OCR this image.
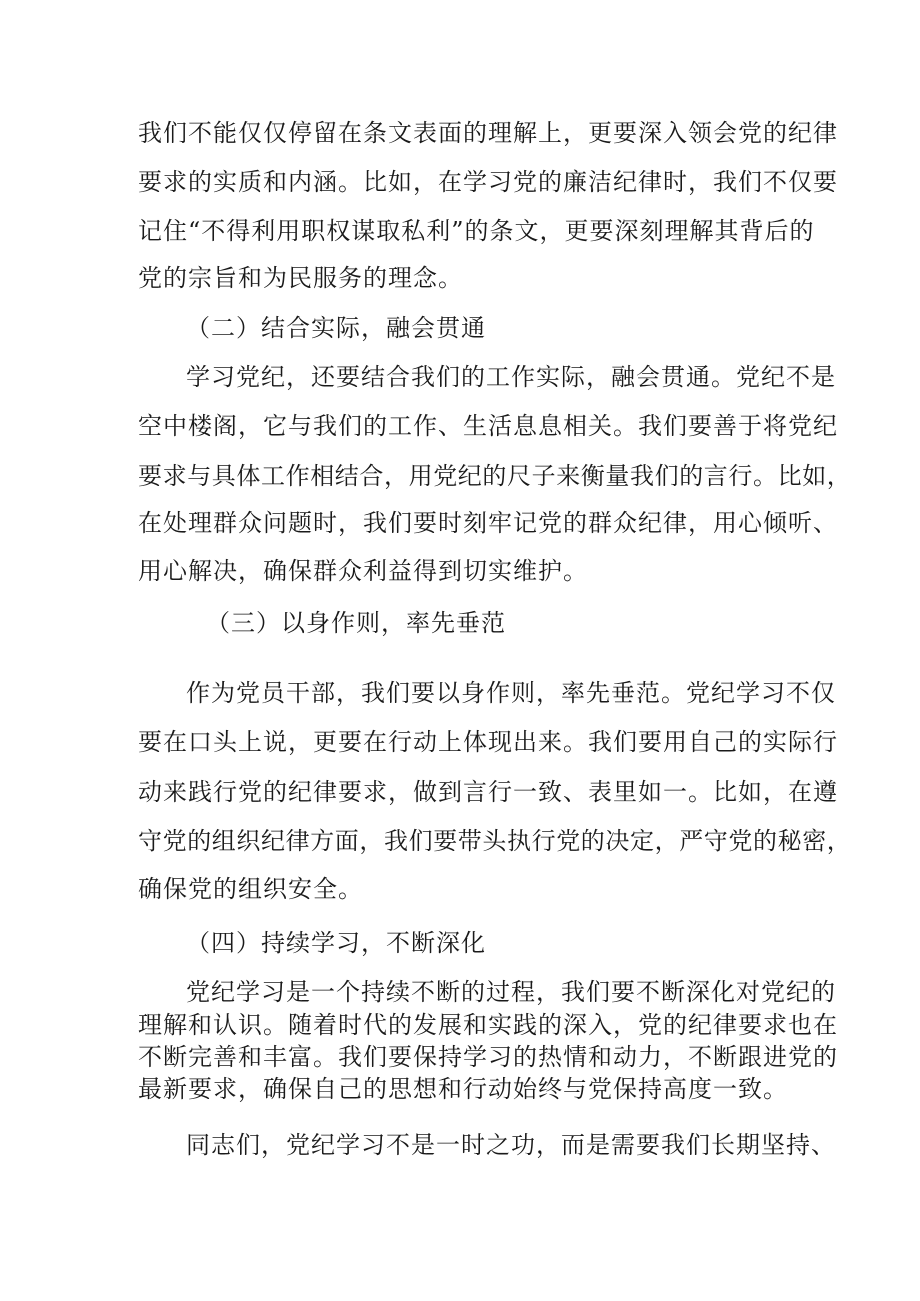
我们不能仅仅停留在条文表面的理解上，更要深入领会党的纪律
要求的实质和内涵。比如，在学习党的廉洁纪律时，我们不仅要
记住“不得利用职权谋取私利”的条文，更要深刻理解其背后的
党的宗旨和为民服务的理念。
（二）结合实际，融会贯通
学习党纪，还要结合我们的工作实际，融会贯通。党纪不是
空中楼阁，它与我们的工作、生活息息相关。我们要善于将党纪
要求与具体工作相结合，用党纪的尺子来衡量我们的言行。比如，
在处理群众问题时，我们要时刻牢记党的群众纪律，用心倾听、
用心解决，确保群众利益得到切实维护。
（三）以身作则，率先垂范
作为党员干部，我们要以身作则，率先垂范。党纪学习不仅
要在口头上说，更要在行动上体现出来。我们要用自己的实际行
动来践行党的纪律要求，做到言行一致、表里如一。比如，在遵
守党的组织纪律方面，我们要带头执行党的决定，严守党的秘密，
确保党的组织安全。
（四）持续学习，不断深化
党纪学习是一个持续不断的过程，我们要不断深化对党纪的
理解和认识。随着时代的发展和实践的深入，党的纪律要求也在
不断完善和丰富。我们要保持学习的热情和动力，不断跟进党的
最新要求，确保自己的思想和行动始终与党保持高度一致。
同志们，党纪学习不是一时之功，而是需要我们长期坚持、
